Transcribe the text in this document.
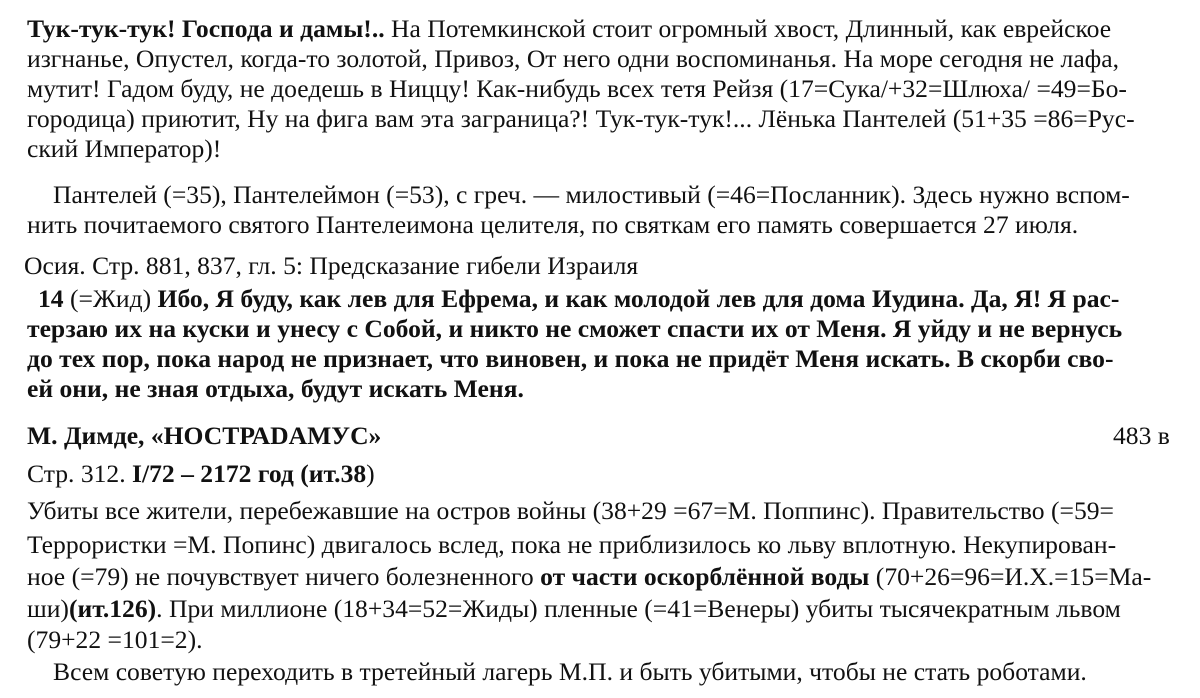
Тук-тук-тук! Господа и дамы!.. На Потемкинской стоит огромный хвост, Длинный, как еврейское
изгнанье, Опустел, когда-то золотой, Привоз, От него одни воспоминанья. На море сегодня не лафа,
мутит! Гадом буду, не доедешь в Ниццу! Как-нибудь всех тетя Рейзя (17=Сука/+32=Шлюха/ =49=Бо-
городица) приютит, Ну на фига вам эта заграница?! Тук-тук-тук!... Лёнька Пантелей (51+35 =86=Рус-
ский Император)!
Пантелей (=35), Пантелеймон (=53), с греч. — милостивый (=46=Посланник). Здесь нужно вспом-
нить почитаемого святого Пантелеимона целителя, по святкам его память совершается 27 июля.
Осия. Стр. 881, 837, гл. 5: Предсказание гибели Израиля
14 (=Жид) Ибо, Я буду, как лев для Ефрема, и как молодой лев для дома Иудина. Да, Я! Я рас-
терзаю их на куски и унесу с Собой, и никто не сможет спасти их от Меня. Я уйду и не вернусь
до тех пор, пока народ не признает, что виновен, и пока не придёт Меня искать. В скорби сво-
ей они, не зная отдыха, будут искать Меня.
М. Димде, «НОСТРАDAMУС»	483 в
Стр. 312. I/72 – 2172 год (ит.38)
Убиты все жители, перебежавшие на остров войны (38+29 =67=М. Поппинс). Правительство (=59=
Террористки =М. Попинс) двигалось вслед, пока не приблизилось ко льву вплотную. Некупирован-
ное (=79) не почувствует ничего болезненного от части оскорблённой воды (70+26=96=И.Х.=15=Ма-
ши)(ит.126). При миллионе (18+34=52=Жиды) пленные (=41=Венеры) убиты тысячекратным львом
(79+22 =101=2).
Всем советую переходить в третейный лагерь М.П. и быть убитыми, чтобы не стать роботами.
